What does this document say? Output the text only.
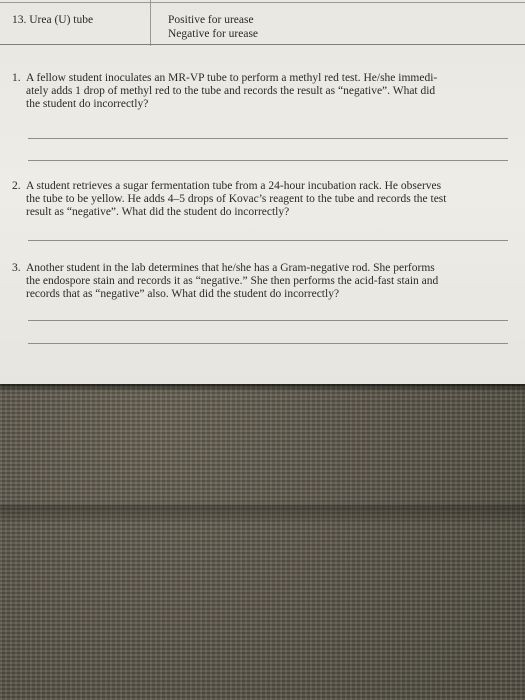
13. Urea (U) tube	Positive for urease
Negative for urease
1. A fellow student inoculates an MR-VP tube to perform a methyl red test. He/she immedi-
ately adds 1 drop of methyl red to the tube and records the result as “negative”. What did
the student do incorrectly?
2. A student retrieves a sugar fermentation tube from a 24-hour incubation rack. He observes
the tube to be yellow. He adds 4–5 drops of Kovac’s reagent to the tube and records the test
result as “negative”. What did the student do incorrectly?
3. Another student in the lab determines that he/she has a Gram-negative rod. She performs
the endospore stain and records it as “negative.” She then performs the acid-fast stain and
records that as “negative” also. What did the student do incorrectly?
